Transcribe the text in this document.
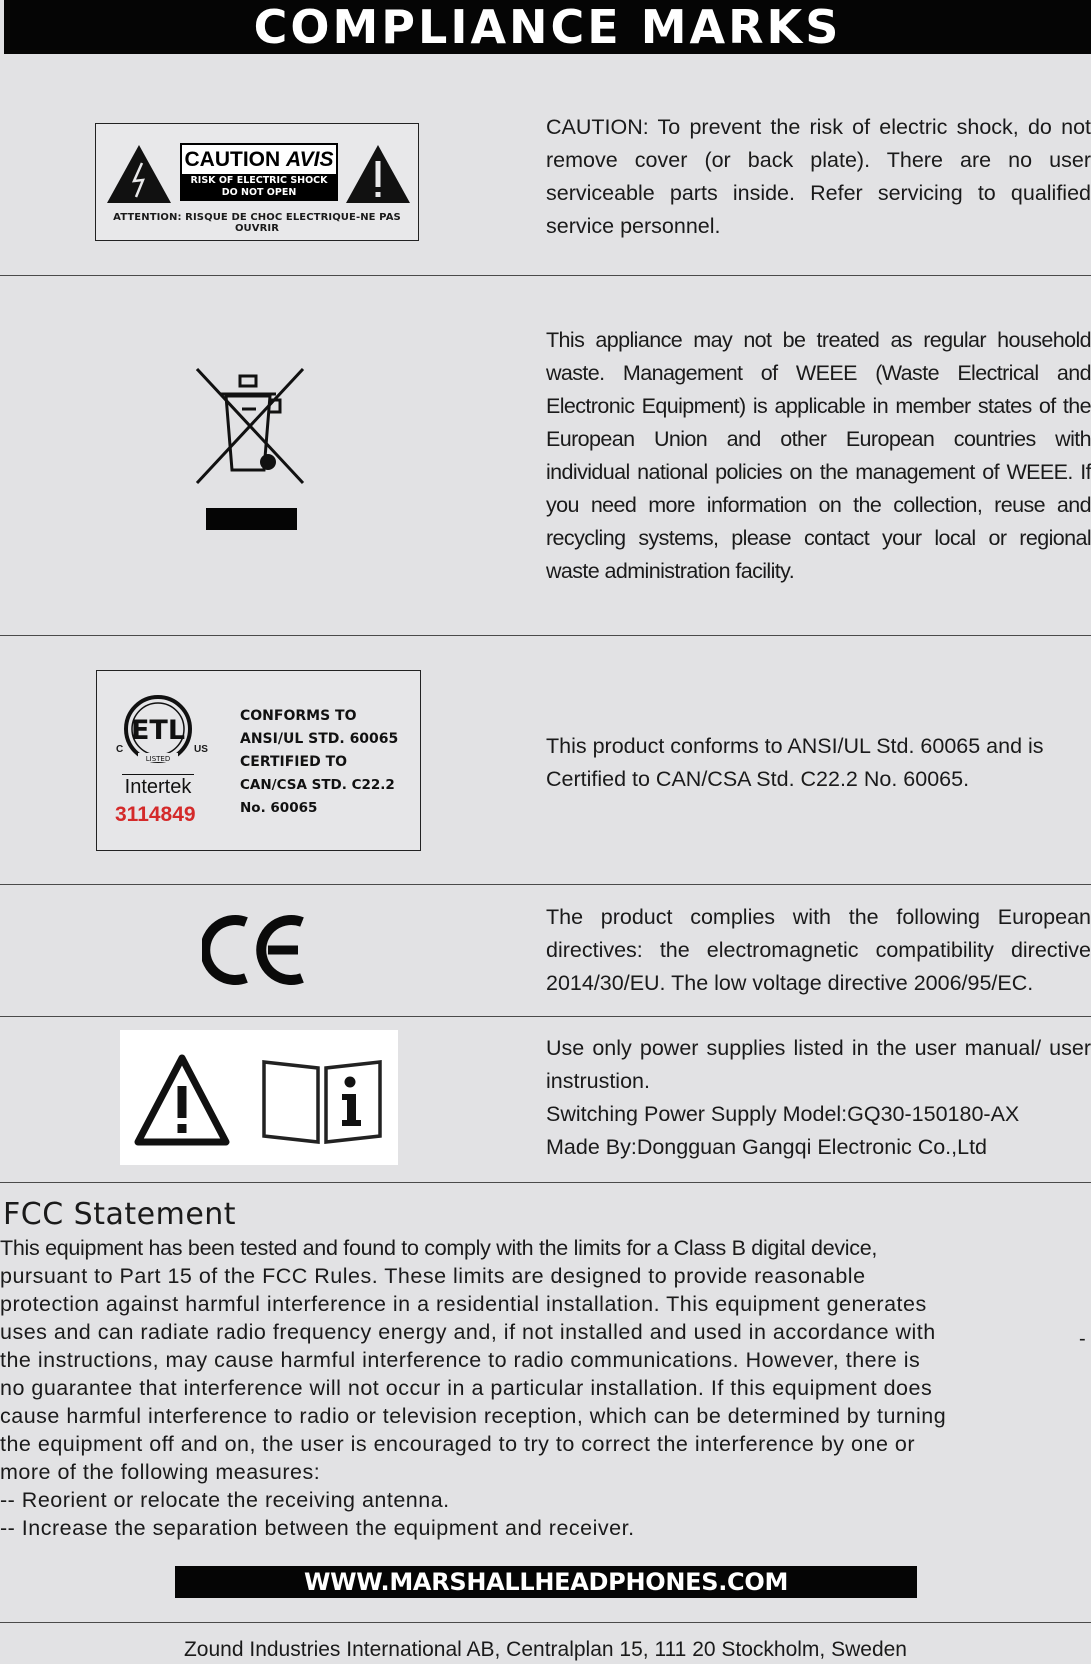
COMPLIANCE MARKS
CAUTION AVIS
RISK OF ELECTRIC SHOCK
DO NOT OPEN
ATTENTION: RISQUE DE CHOC ELECTRIQUE-NE PAS OUVRIR

CAUTION: To prevent the risk of electric shock, do not remove cover (or back plate). There are no user serviceable parts inside. Refer servicing to qualified service personnel.

This appliance may not be treated as regular household waste. Management of WEEE (Waste Electrical and Electronic Equipment) is applicable in member states of the European Union and other European countries with individual national policies on the management of WEEE. If you need more information on the collection, reuse and recycling systems, please contact your local or regional waste administration facility.

ETL
LISTED
C	US
Intertek
3114849
CONFORMS TO
ANSI/UL STD. 60065
CERTIFIED TO
CAN/CSA STD. C22.2
No. 60065

This product conforms to ANSI/UL Std. 60065 and is Certified to CAN/CSA Std. C22.2 No. 60065.

The product complies with the following European directives: the electromagnetic compatibility directive 2014/30/EU. The low voltage directive 2006/95/EC.

Use only power supplies listed in the user manual/ user instrustion.

Switching Power Supply Model:GQ30-150180-AX

Made By:Dongguan Gangqi Electronic Co.,Ltd

FCC Statement
This equipment has been tested and found to comply with the limits for a Class B digital device,
pursuant to Part 15 of the FCC Rules. These limits are designed to provide reasonable
protection against harmful interference in a residential installation. This equipment generates
uses and can radiate radio frequency energy and, if not installed and used in accordance with
the instructions, may cause harmful interference to radio communications. However, there is
no guarantee that interference will not occur in a particular installation. If this equipment does
cause harmful interference to radio or television reception, which can be determined by turning
the equipment off and on, the user is encouraged to try to correct the interference by one or
more of the following measures:
-- Reorient or relocate the receiving antenna.
-- Increase the separation between the equipment and receiver.
-
WWW.MARSHALLHEADPHONES.COM
Zound Industries International AB, Centralplan 15, 111 20 Stockholm, Sweden
